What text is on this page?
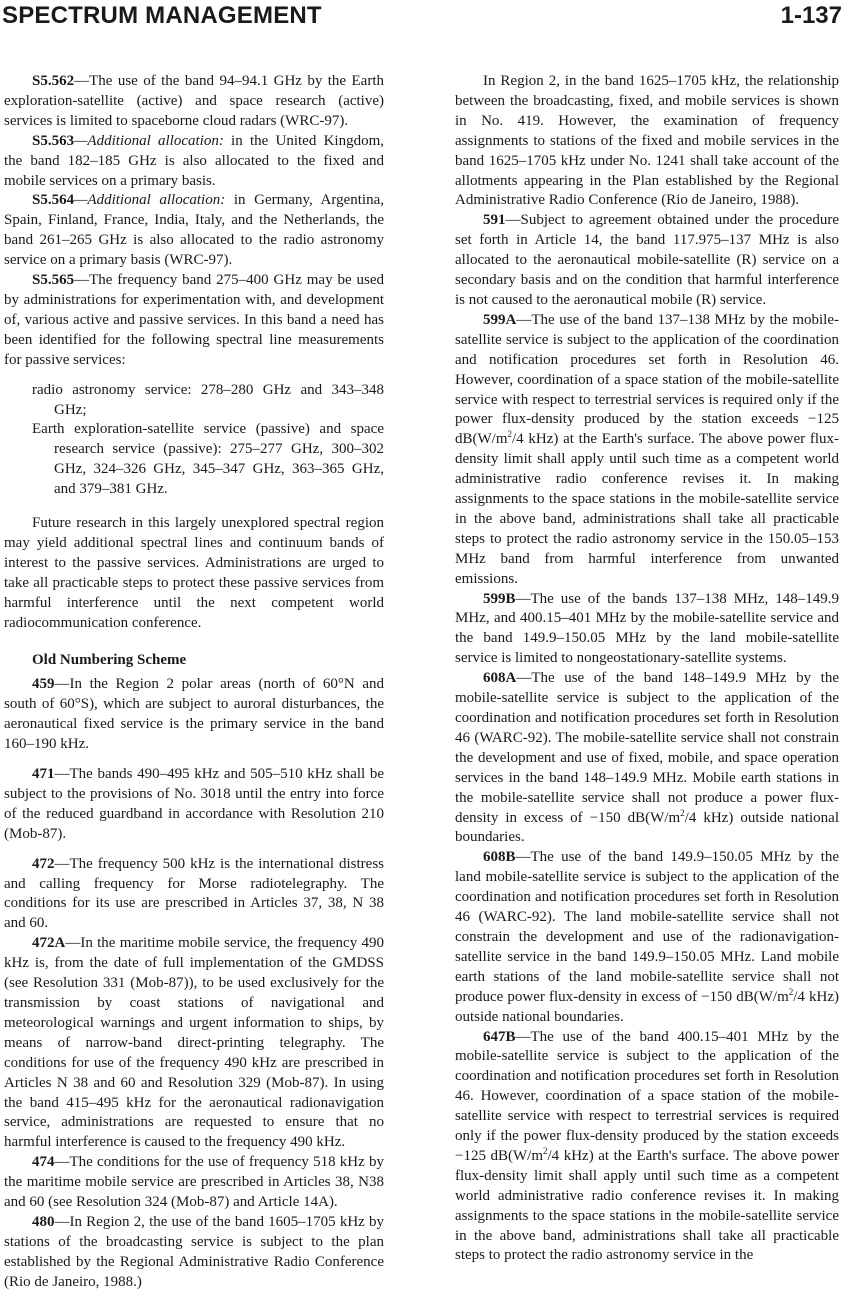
SPECTRUM MANAGEMENT	1-137

S5.562—The use of the band 94–94.1 GHz by the Earth exploration-satellite (active) and space research (active) services is limited to spaceborne cloud radars (WRC-97).

S5.563—Additional allocation: in the United Kingdom, the band 182–185 GHz is also allocated to the fixed and mobile services on a primary basis.

S5.564—Additional allocation: in Germany, Argentina, Spain, Finland, France, India, Italy, and the Netherlands, the band 261–265 GHz is also allocated to the radio astronomy service on a primary basis (WRC-97).

S5.565—The frequency band 275–400 GHz may be used by administrations for experimentation with, and development of, various active and passive services. In this band a need has been identified for the following spectral line measurements for passive services:

radio astronomy service: 278–280 GHz and 343–348 GHz;
Earth exploration-satellite service (passive) and space research service (passive): 275–277 GHz, 300–302 GHz, 324–326 GHz, 345–347 GHz, 363–365 GHz, and 379–381 GHz.

Future research in this largely unexplored spectral region may yield additional spectral lines and continuum bands of interest to the passive services. Administrations are urged to take all practicable steps to protect these passive services from harmful interference until the next competent world radiocommunication conference.

Old Numbering Scheme

459—In the Region 2 polar areas (north of 60°N and south of 60°S), which are subject to auroral disturbances, the aeronautical fixed service is the primary service in the band 160–190 kHz.

471—The bands 490–495 kHz and 505–510 kHz shall be subject to the provisions of No. 3018 until the entry into force of the reduced guardband in accordance with Resolution 210 (Mob-87).

472—The frequency 500 kHz is the international distress and calling frequency for Morse radiotelegraphy. The conditions for its use are prescribed in Articles 37, 38, N 38 and 60.

472A—In the maritime mobile service, the frequency 490 kHz is, from the date of full implementation of the GMDSS (see Resolution 331 (Mob-87)), to be used exclusively for the transmission by coast stations of navigational and meteorological warnings and urgent information to ships, by means of narrow-band direct-printing telegraphy. The conditions for use of the frequency 490 kHz are prescribed in Articles N 38 and 60 and Resolution 329 (Mob-87). In using the band 415–495 kHz for the aeronautical radionavigation service, administrations are requested to ensure that no harmful interference is caused to the frequency 490 kHz.

474—The conditions for the use of frequency 518 kHz by the maritime mobile service are prescribed in Articles 38, N38 and 60 (see Resolution 324 (Mob-87) and Article 14A).

480—In Region 2, the use of the band 1605–1705 kHz by stations of the broadcasting service is subject to the plan established by the Regional Administrative Radio Conference (Rio de Janeiro, 1988.)

In Region 2, in the band 1625–1705 kHz, the relationship between the broadcasting, fixed, and mobile services is shown in No. 419. However, the examination of frequency assignments to stations of the fixed and mobile services in the band 1625–1705 kHz under No. 1241 shall take account of the allotments appearing in the Plan established by the Regional Administrative Radio Conference (Rio de Janeiro, 1988).

591—Subject to agreement obtained under the procedure set forth in Article 14, the band 117.975–137 MHz is also allocated to the aeronautical mobile-satellite (R) service on a secondary basis and on the condition that harmful interference is not caused to the aeronautical mobile (R) service.

599A—The use of the band 137–138 MHz by the mobile-satellite service is subject to the application of the coordination and notification procedures set forth in Resolution 46. However, coordination of a space station of the mobile-satellite service with respect to terrestrial services is required only if the power flux-density produced by the station exceeds −125 $dB(W/m^2/4$ kHz) at the Earth's surface. The above power flux-density limit shall apply until such time as a competent world administrative radio conference revises it. In making assignments to the space stations in the mobile-satellite service in the above band, administrations shall take all practicable steps to protect the radio astronomy service in the 150.05–153 MHz band from harmful interference from unwanted emissions.

599B—The use of the bands 137–138 MHz, 148–149.9 MHz, and 400.15–401 MHz by the mobile-satellite service and the band 149.9–150.05 MHz by the land mobile-satellite service is limited to nongeostationary-satellite systems.

608A—The use of the band 148–149.9 MHz by the mobile-satellite service is subject to the application of the coordination and notification procedures set forth in Resolution 46 (WARC-92). The mobile-satellite service shall not constrain the development and use of fixed, mobile, and space operation services in the band 148–149.9 MHz. Mobile earth stations in the mobile-satellite service shall not produce a power flux-density in excess of −150 $dB(W/m^2/4$ kHz) outside national boundaries.

608B—The use of the band 149.9–150.05 MHz by the land mobile-satellite service is subject to the application of the coordination and notification procedures set forth in Resolution 46 (WARC-92). The land mobile-satellite service shall not constrain the development and use of the radionavigation-satellite service in the band 149.9–150.05 MHz. Land mobile earth stations of the land mobile-satellite service shall not produce power flux-density in excess of −150 $dB(W/m^2/4$ kHz) outside national boundaries.

647B—The use of the band 400.15–401 MHz by the mobile-satellite service is subject to the application of the coordination and notification procedures set forth in Resolution 46. However, coordination of a space station of the mobile-satellite service with respect to terrestrial services is required only if the power flux-density produced by the station exceeds −125 $dB(W/m^2/4$ kHz) at the Earth's surface. The above power flux-density limit shall apply until such time as a competent world administrative radio conference revises it. In making assignments to the space stations in the mobile-satellite service in the above band, administrations shall take all practicable steps to protect the radio astronomy service in the
